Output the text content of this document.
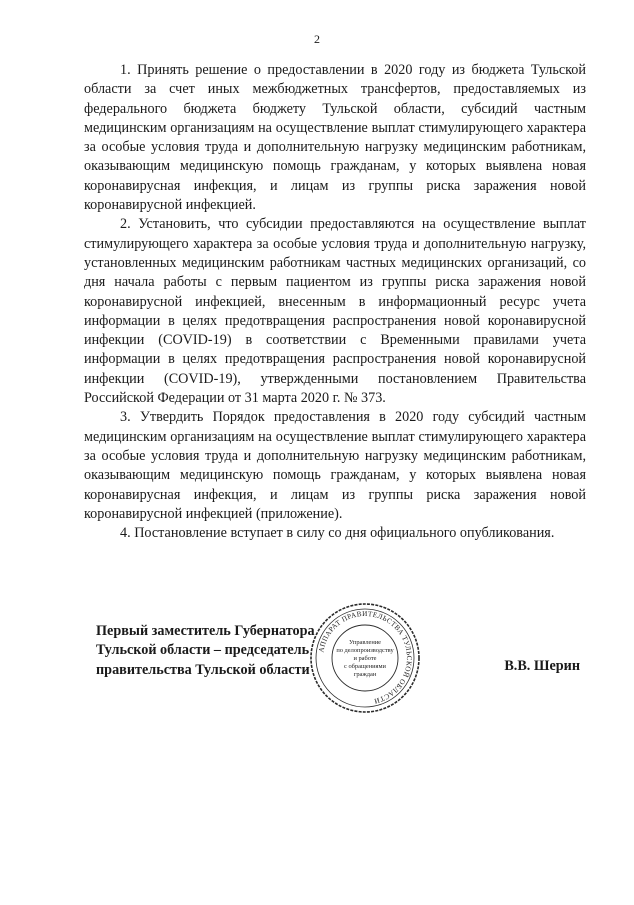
2

1. Принять решение о предоставлении в 2020 году из бюджета Тульской области за счет иных межбюджетных трансфертов, предоставляемых из федерального бюджета бюджету Тульской области, субсидий частным медицинским организациям на осуществление выплат стимулирующего характера за особые условия труда и дополнительную нагрузку медицинским работникам, оказывающим медицинскую помощь гражданам, у которых выявлена новая коронавирусная инфекция, и лицам из группы риска заражения новой коронавирусной инфекцией.

2. Установить, что субсидии предоставляются на осуществление выплат стимулирующего характера за особые условия труда и дополнительную нагрузку, установленных медицинским работникам частных медицинских организаций, со дня начала работы с первым пациентом из группы риска заражения новой коронавирусной инфекцией, внесенным в информационный ресурс учета информации в целях предотвращения распространения новой коронавирусной инфекции (COVID-19) в соответствии с Временными правилами учета информации в целях предотвращения распространения новой коронавирусной инфекции (COVID-19), утвержденными постановлением Правительства Российской Федерации от 31 марта 2020 г. № 373.

3. Утвердить Порядок предоставления в 2020 году субсидий частным медицинским организациям на осуществление выплат стимулирующего характера за особые условия труда и дополнительную нагрузку медицинским работникам, оказывающим медицинскую помощь гражданам, у которых выявлена новая коронавирусная инфекция, и лицам из группы риска заражения новой коронавирусной инфекцией (приложение).

4. Постановление вступает в силу со дня официального опубликования.

Первый заместитель Губернатора
Тульской области – председатель
правительства Тульской области	В.В. Шерин
АППАРАТ ПРАВИТЕЛЬСТВА ТУЛЬСКОЙ ОБЛАСТИ
Управление
по делопроизводству
и работе
с обращениями
граждан
